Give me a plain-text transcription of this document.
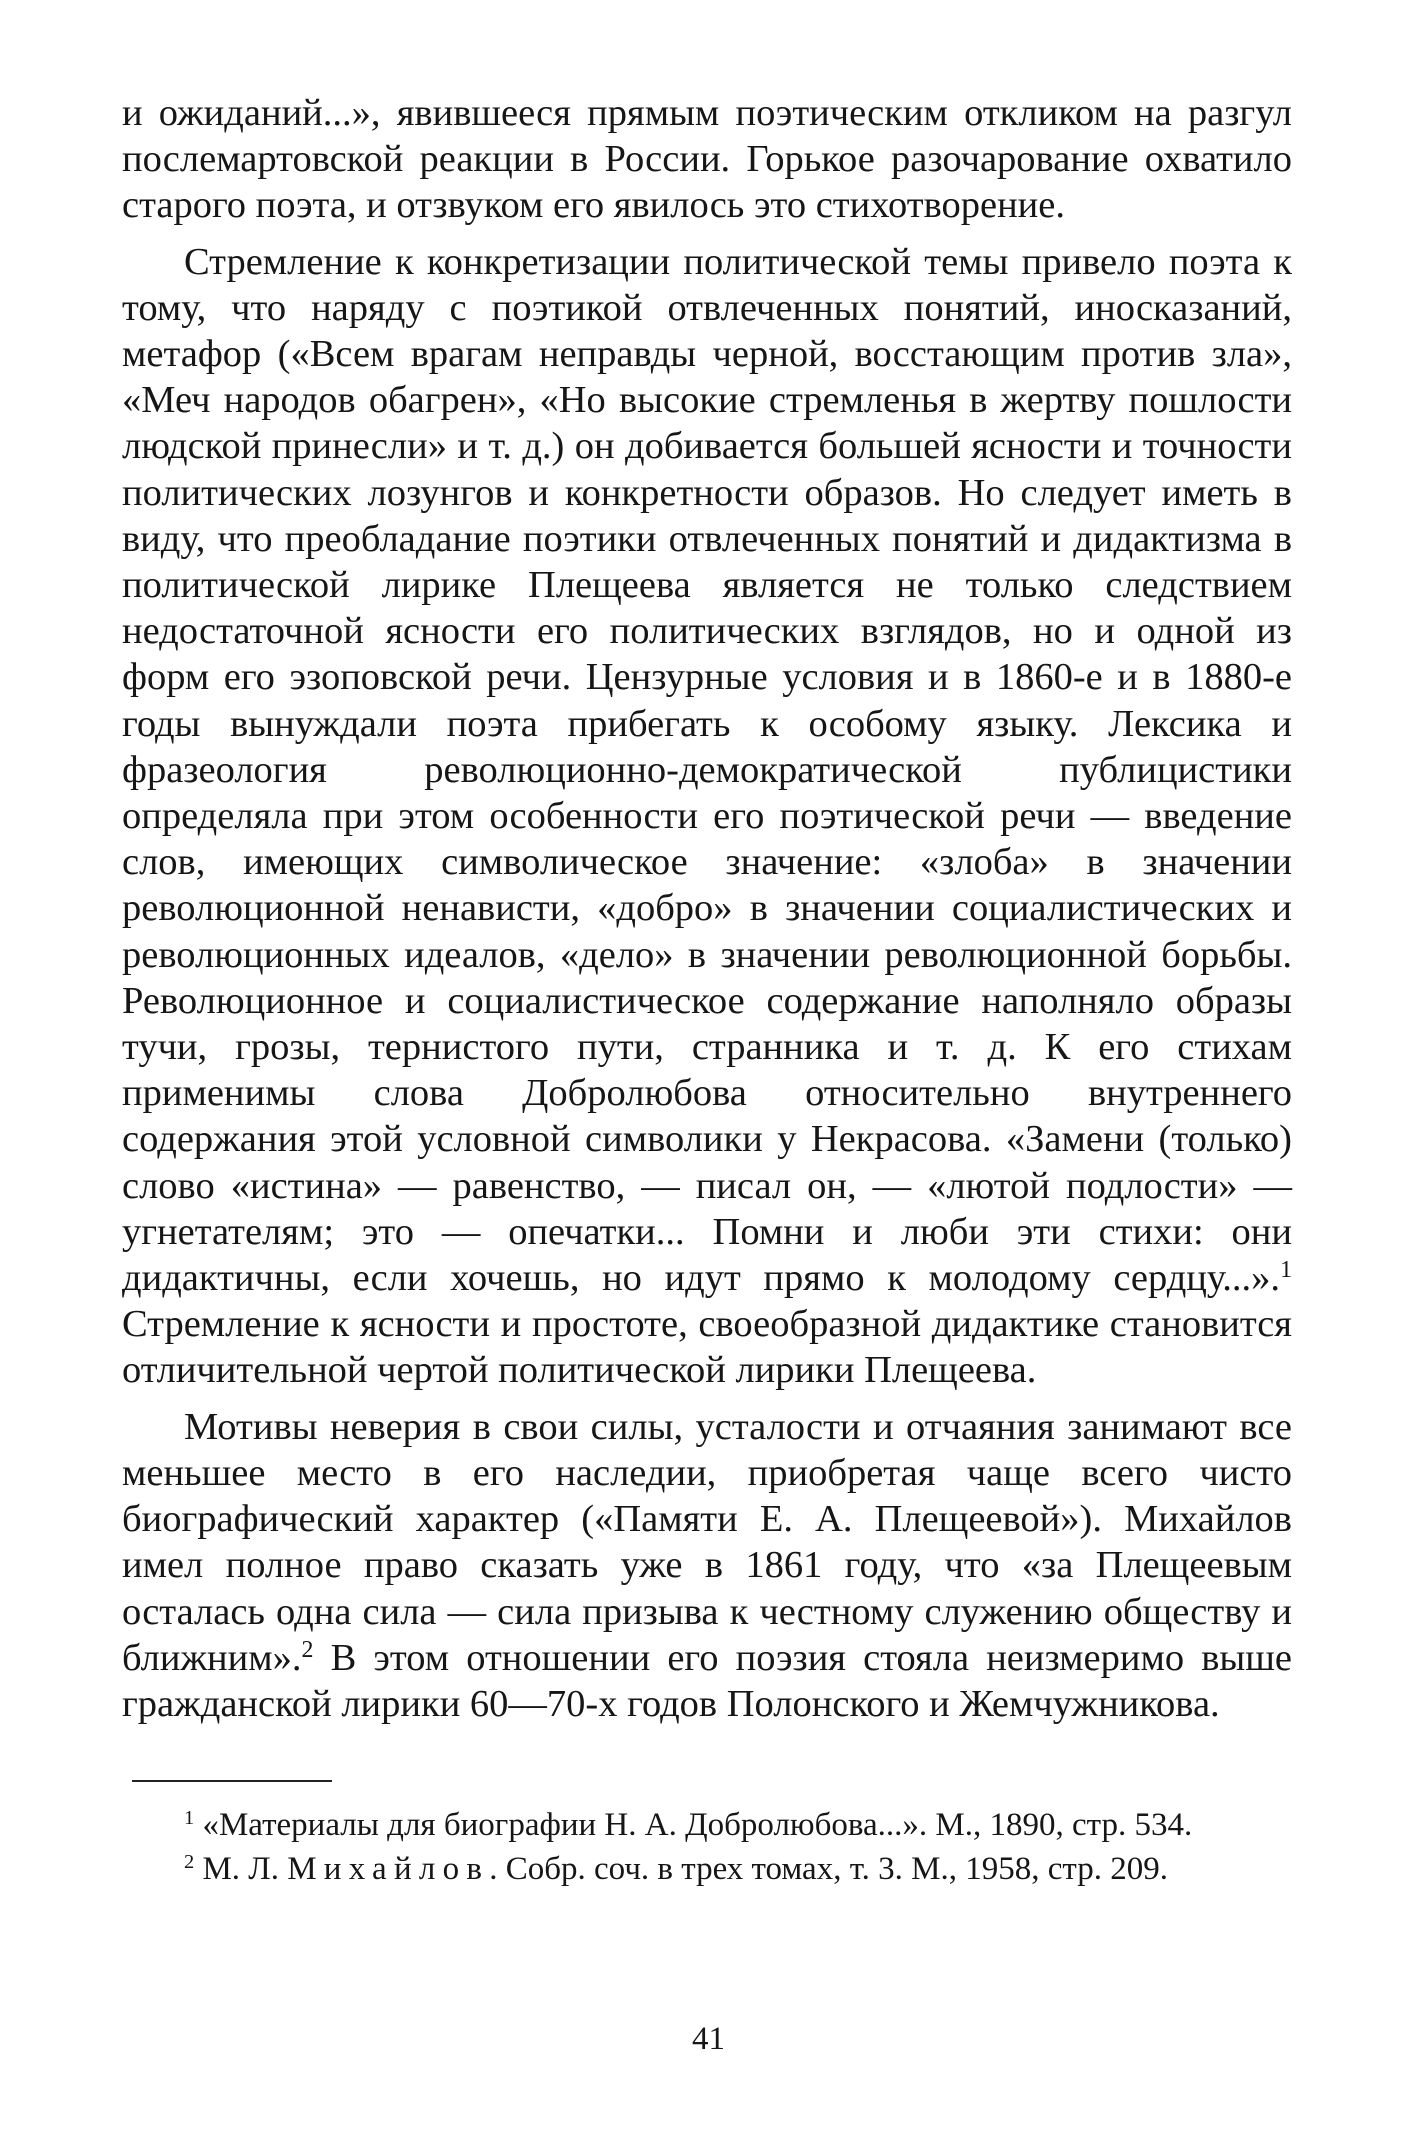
и ожиданий...», явившееся прямым поэтическим откликом на разгул послемартовской реакции в России. Горькое разочарование охватило старого поэта, и отзвуком его явилось это стихотворение.

Стремление к конкретизации политической темы привело поэта к тому, что наряду с поэтикой отвлеченных понятий, иносказаний, метафор («Всем врагам неправды черной, восстающим против зла», «Меч народов обагрен», «Но высокие стремленья в жертву пошлости людской принесли» и т. д.) он добивается большей ясности и точности политических лозунгов и конкретности образов. Но следует иметь в виду, что преобладание поэтики отвлеченных понятий и дидактизма в политической лирике Плещеева является не только следствием недостаточной ясности его политических взглядов, но и одной из форм его эзоповской речи. Цензурные условия и в 1860-е и в 1880-е годы вынуждали поэта прибегать к особому языку. Лексика и фразеология революционно-демократической публицистики определяла при этом особенности его поэтической речи — введение слов, имеющих символическое значение: «злоба» в значении революционной ненависти, «добро» в значении социалистических и революционных идеалов, «дело» в значении революционной борьбы. Революционное и социалистическое содержание наполняло образы тучи, грозы, тернистого пути, странника и т. д. К его стихам применимы слова Добролюбова относительно внутреннего содержания этой условной символики у Некрасова. «Замени (только) слово «истина» — равенство, — писал он, — «лютой подлости» — угнетателям; это — опечатки... Помни и люби эти стихи: они дидактичны, если хочешь, но идут прямо к молодому сердцу...».$^1$ Стремление к ясности и простоте, своеобразной дидактике становится отличительной чертой политической лирики Плещеева.

Мотивы неверия в свои силы, усталости и отчаяния занимают все меньшее место в его наследии, приобретая чаще всего чисто биографический характер («Памяти Е. А. Плещеевой»). Михайлов имел полное право сказать уже в 1861 году, что «за Плещеевым осталась одна сила — сила призыва к честному служению обществу и ближним».$^2$ В этом отношении его поэзия стояла неизмеримо выше гражданской лирики 60—70-х годов Полонского и Жемчужникова.

$^1$ «Материалы для биографии Н. А. Добролюбова...». М., 1890, стр. 534.

$^2$ М. Л. Михайлов. Собр. соч. в трех томах, т. 3. М., 1958, стр. 209.

41
